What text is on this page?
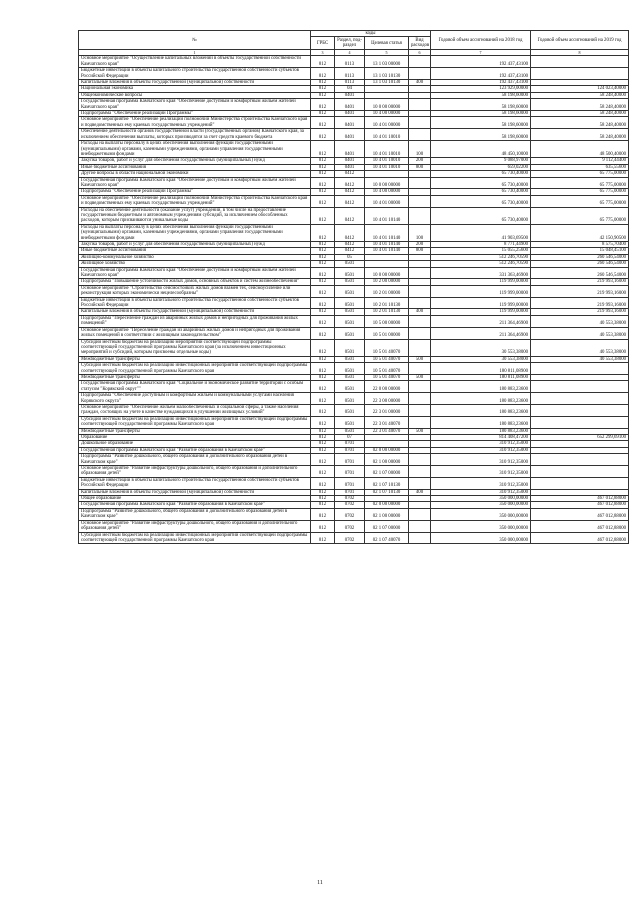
№	коды				Годовой объем ассигнований на 2018 год	Годовой объем ассигнований на 2019 год
	ГРБС	Раздел, под-раздел	Целевая статья	Вид расходов		
1	3	4	5	6	7	8
Основное мероприятие "Осуществление капитальных вложений в объекты государственной собственности Камчатского края"	812	0113	13 1 03 00000		192 437,43100	
Бюджетные инвестиции в объекты капитального строительства государственной собственности субъектов Российской Федерации	812	0113	13 1 03 10130		192 437,43100	
Капитальные вложения в объекты государственной (муниципальной) собственности	812	0113	13 1 03 10130	400	192 437,43100	
Национальная экономика	812	04			123 929,00000	124 023,40000
Общеэкономические вопросы	812	0401			58 198,60000	58 248,40000
Государственная программа Камчатского края "Обеспечение доступным и комфортным жильем жителей Камчатского края"	812	0401	10 0 00 00000		58 198,60000	58 248,40000
Подпрограмма "Обеспечение реализации Программы"	812	0401	10 4 00 00000		58 198,60000	58 248,40000
Основное мероприятие "Обеспечение реализации полномочий Министерства строительства Камчатского края и подведомственных ему краевых государственных учреждений"	812	0401	10 4 01 00000		58 198,60000	58 248,40000
Обеспечение деятельности органов государственной власти (государственных органов) Камчатского края, за исключением обеспечения выплаты, которых производятся за счет средств краевого бюджета	812	0401	10 4 01 10010		58 198,60000	58 248,40000
Расходы на выплаты персоналу в целях обеспечения выполнения функций государственными (муниципальными) органами, казенными учреждениями, органами управления государственными внебюджетными фондами	812	0401	10 4 01 10010	100	48 450,10000	48 500,40000
Закупка товаров, работ и услуг для обеспечения государственных (муниципальных) нужд	812	0401	10 4 01 10010	200	9 088,97000	9 112,44400
Иные бюджетные ассигнования	812	0401	10 4 01 10010	800	659,02200	635,55600
Другие вопросы в области национальной экономики	812	0412			65 730,40000	65 775,00000
Государственная программа Камчатского края "Обеспечение доступным и комфортным жильем жителей Камчатского края"	812	0412	10 0 00 00000		65 730,40000	65 775,00000
Подпрограмма "Обеспечение реализации Программы"	812	0412	10 4 00 00000		65 730,40000	65 775,00000
Основное мероприятие "Обеспечение реализации полномочий Министерства строительства Камчатского края и подведомственных ему краевых государственных учреждений"	812	0412	10 4 01 00000		65 730,40000	65 775,00000
Расходы на обеспечение деятельности (оказание услуг) учреждений, в том числе на предоставление государственным бюджетным и автономным учреждениям субсидий, за исключением обособленных расходов, которым присваиваются уникальные коды	812	0412	10 4 01 10140		65 730,40000	65 775,00000
Расходы на выплаты персоналу в целях обеспечения выполнения функций государственными (муниципальными) органами, казенными учреждениями, органами управления государственными внебюджетными фондами	812	0412	10 4 01 10140	100	41 903,69500	42 150,90500
Закупка товаров, работ и услуг для обеспечения государственных (муниципальных) нужд	812	0412	10 4 01 10140	200	8 771,44900	8 575,70400
Иные бюджетные ассигнования	812	0412	10 4 01 10140	800	15 055,25600	15 048,45100
Жилищно-коммунальное хозяйство	812	05			512 246,70590	260 546,54000
Жилищное хозяйство	812	0501			512 246,70590	260 546,54000
Государственная программа Камчатского края "Обеспечение доступным и комфортным жильем жителей Камчатского края"	812	0501	10 0 00 00000		331 363,46900	260 546,54000
Подпрограмма "Повышение устойчивости жилых домов, основных объектов и систем жизнеобеспечения"	812	0501	10 2 00 00000		119 999,00000	219 993,16000
Основное мероприятие "Строительство сейсмостойких жилых домов взамен тех, сейсмоусиление или реконструкция которых экономически нецелесообразны"	812	0501	10 2 01 00000		119 999,00000	219 993,16000
Бюджетные инвестиции в объекты капитального строительства государственной собственности субъектов Российской Федерации	812	0501	10 2 01 10130		119 999,00000	219 993,16000
Капитальные вложения в объекты государственной (муниципальной) собственности	812	0501	10 2 01 10130	400	119 999,00000	219 993,16000
Подпрограмма "Переселение граждан из аварийных жилых домов и непригодных для проживания жилых помещений"	812	0501	10 5 00 00000		211 364,46900	40 553,38000
Основное мероприятие "Переселение граждан из аварийных жилых домов и непригодных для проживания жилых помещений в соответствии с жилищным законодательством"	812	0501	10 5 01 00000		211 364,46900	40 553,38000
Субсидии местным бюджетам на реализацию мероприятий соответствующей подпрограммы соответствующей государственной программы Камчатского края (за исключением инвестиционных мероприятий и субсидий, которым присвоены отдельные коды)	812	0501	10 5 01 40070		30 553,38000	40 553,38000
Межбюджетные трансферты	812	0501	10 5 01 40070	500	30 553,38000	40 553,38000
Субсидии местным бюджетам на реализацию инвестиционных мероприятий соответствующей подпрограммы соответствующей государственной программы Камчатского края	812	0501	10 5 01 40070		180 811,08900	
Межбюджетные трансферты	812	0501	10 5 01 40070	500	180 811,08900	
Государственная программа Камчатского края "Социальное и экономическое развитие территории с особым статусом "Корякский округ""	812	0501	22 0 00 00000		180 883,23600	
Подпрограмма "Обеспечение доступным и комфортным жильем и коммунальными услугами населения Корякского округа"	812	0501	22 3 00 00000		180 883,23600	
Основное мероприятие "Обеспечение жильем малообеспеченных и социальной сферы, а также населения граждан, состоящих на учете в качестве нуждающихся в улучшении жилищных условий"	812	0501	22 3 01 00000		180 883,23600	
Субсидии местным бюджетам на реализацию инвестиционных мероприятий соответствующей подпрограммы соответствующей государственной программы Камчатского края	812	0501	22 3 01 40070		180 883,23600	
Межбюджетные трансферты	812	0501	22 3 01 40070	500	180 883,23600	
Образование	812	07			814 408,47200	652 299,69100
Дошкольное образование	812	0701			310 912,35000	
Государственная программа Камчатского края "Развитие образования в Камчатском крае"	812	0701	02 0 00 00000		310 912,35000	
Подпрограмма "Развитие дошкольного, общего образования и дополнительного образования детей в Камчатском крае"	812	0701	02 1 00 00000		310 912,35000	
Основное мероприятие "Развитие инфраструктуры дошкольного, общего образования и дополнительного образования детей"	812	0701	02 1 07 00000		310 912,35000	
Бюджетные инвестиции в объекты капитального строительства государственной собственности субъектов Российской Федерации	812	0701	02 1 07 10130		310 912,35000	
Капитальные вложения в объекты государственной (муниципальной) собственности	812	0701	02 1 07 10130	400	310 912,35000	
Общее образование	812	0702			350 000,00000	467 012,88000
Государственная программа Камчатского края "Развитие образования в Камчатском крае"	812	0702	02 0 00 00000		350 000,00000	467 012,88000
Подпрограмма "Развитие дошкольного, общего образования и дополнительного образования детей в Камчатском крае"	812	0702	02 1 00 00000		350 000,00000	467 012,88000
Основное мероприятие "Развитие инфраструктуры дошкольного, общего образования и дополнительного образования детей"	812	0702	02 1 07 00000		350 000,00000	467 012,88000
Субсидии местным бюджетам на реализацию инвестиционных мероприятий соответствующей подпрограммы соответствующей государственной программы Камчатского края	812	0702	02 1 07 40070		350 000,00000	467 012,88000
11
